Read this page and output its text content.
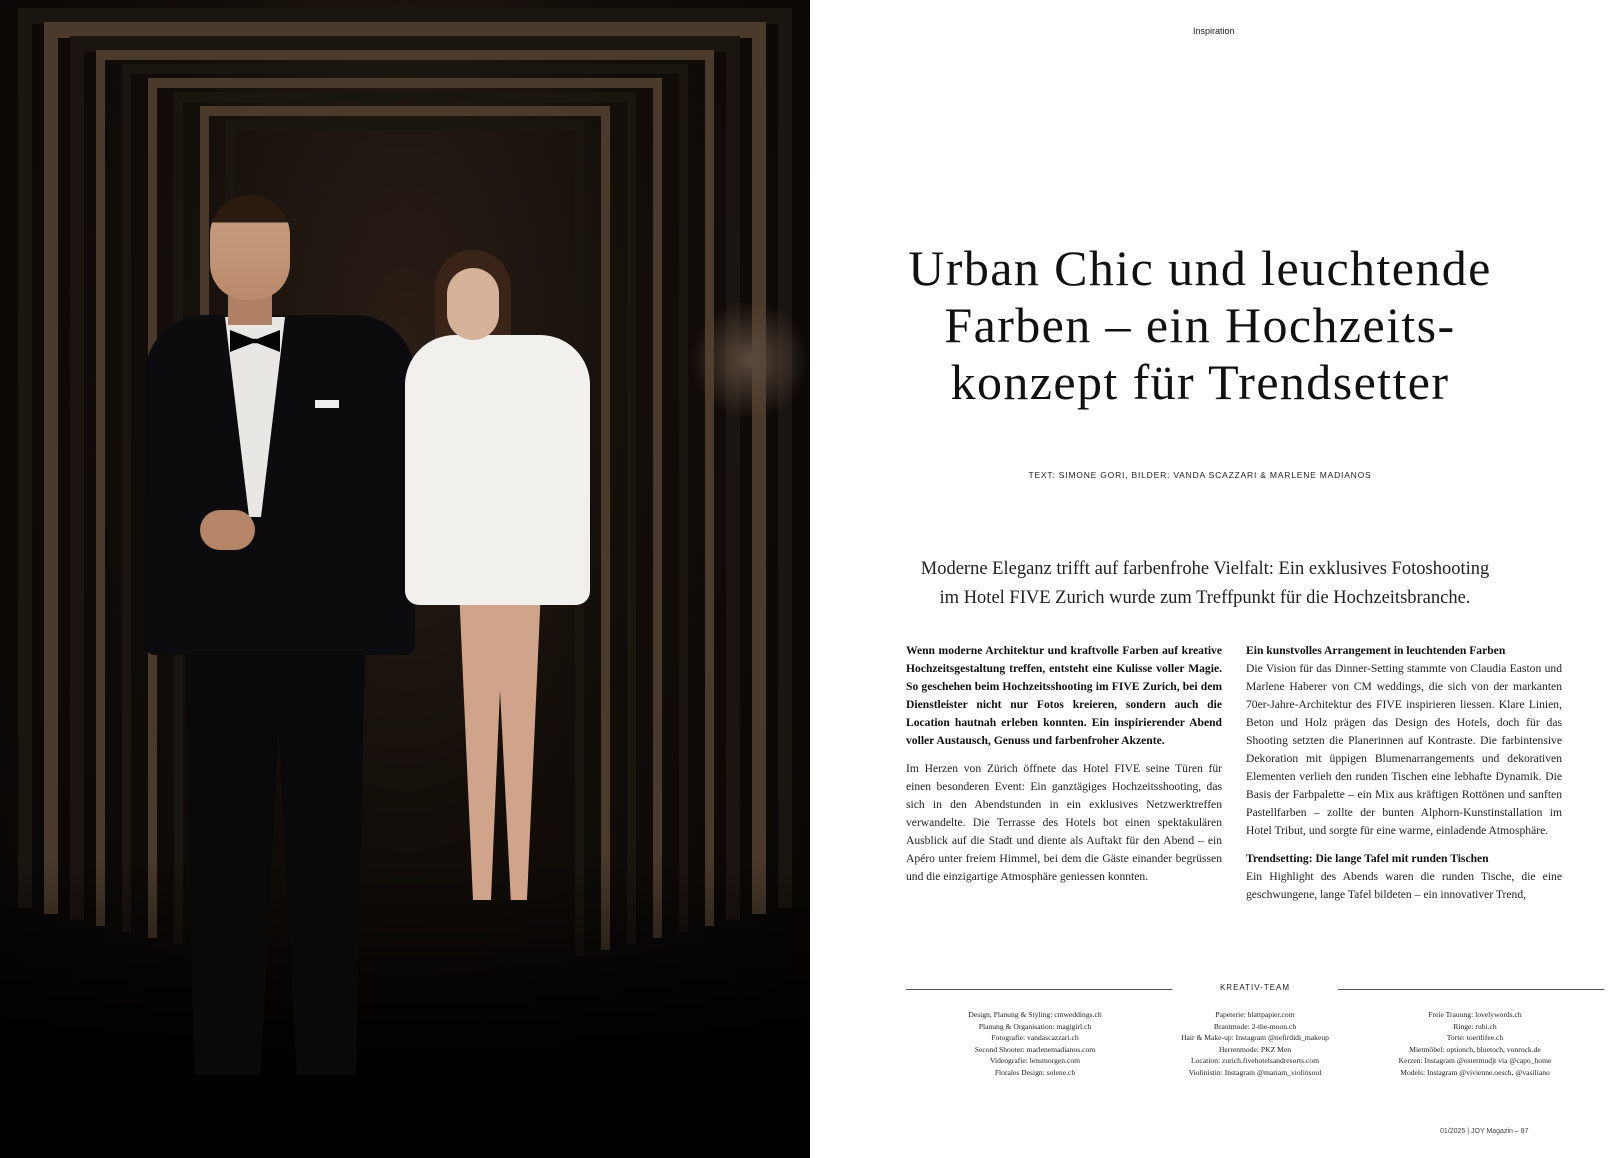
Inspiration
Urban Chic und leuchtende
Farben – ein Hochzeits-
konzept für Trendsetter
TEXT: SIMONE GORI, BILDER: VANDA SCAZZARI & MARLENE MADIANOS
Moderne Eleganz trifft auf farbenfrohe Vielfalt: Ein exklusives Fotoshooting
im Hotel FIVE Zurich wurde zum Treffpunkt für die Hochzeitsbranche.

Wenn moderne Architektur und kraftvolle Farben auf kreative Hochzeitsgestaltung treffen, entsteht eine Kulisse voller Magie. So geschehen beim Hochzeitsshooting im FIVE Zurich, bei dem Dienstleister nicht nur Fotos kreieren, sondern auch die Location hautnah erleben konnten. Ein inspirierender Abend voller Austausch, Genuss und farbenfroher Akzente.

Im Herzen von Zürich öffnete das Hotel FIVE seine Türen für einen besonderen Event: Ein ganztägiges Hochzeitsshooting, das sich in den Abendstunden in ein exklusives Netzwerktreffen verwandelte. Die Terrasse des Hotels bot einen spektakulären Ausblick auf die Stadt und diente als Auftakt für den Abend – ein Apéro unter freiem Himmel, bei dem die Gäste einander begrüssen und die einzigartige Atmosphäre geniessen konnten.

Ein kunstvolles Arrangement in leuchtenden Farben

Die Vision für das Dinner-Setting stammte von Claudia Easton und Marlene Haberer von CM weddings, die sich von der markanten 70er-Jahre-Architektur des FIVE inspirieren liessen. Klare Linien, Beton und Holz prägen das Design des Hotels, doch für das Shooting setzten die Planerinnen auf Kontraste. Die farbintensive Dekoration mit üppigen Blumenarrangements und dekorativen Elementen verlieh den runden Tischen eine lebhafte Dynamik. Die Basis der Farbpalette – ein Mix aus kräftigen Rottönen und sanften Pastellfarben – zollte der bunten Alphorn-Kunstinstallation im Hotel Tribut, und sorgte für eine warme, einladende Atmosphäre.

Trendsetting: Die lange Tafel mit runden Tischen

Ein Highlight des Abends waren die runden Tische, die eine geschwungene, lange Tafel bildeten – ein innovativer Trend,

KREATIV-TEAM
Design, Planung & Styling: cmweddings.ch
Planung & Organisation: magigirl.ch
Fotografie: vandascazzari.ch
Second Shooter: marlenemadianos.com
Videografie: lensmorgen.com
Florales Design: solene.ch
Papeterie: blattpapier.com
Brautmode: 2-the-moon.ch
Hair & Make-up: Instagram @nefirdidi_makeup
Herrenmode: PKZ Men
Location: zurich.fivehotelsandresorts.com
Violinistin: Instagram @mariam_violinsoul
Freie Trauung: lovelywords.ch
Ringe: rubi.ch
Torte: toertlifee.ch
Mietmöbel: optionch, bluetoch, vonrock.de
Kerzen: Instagram @ostermudjt via @capo_home
Models: Instagram @vivienne.oesch, @vasiliano
01/2025 | JOY Magazin – 97
